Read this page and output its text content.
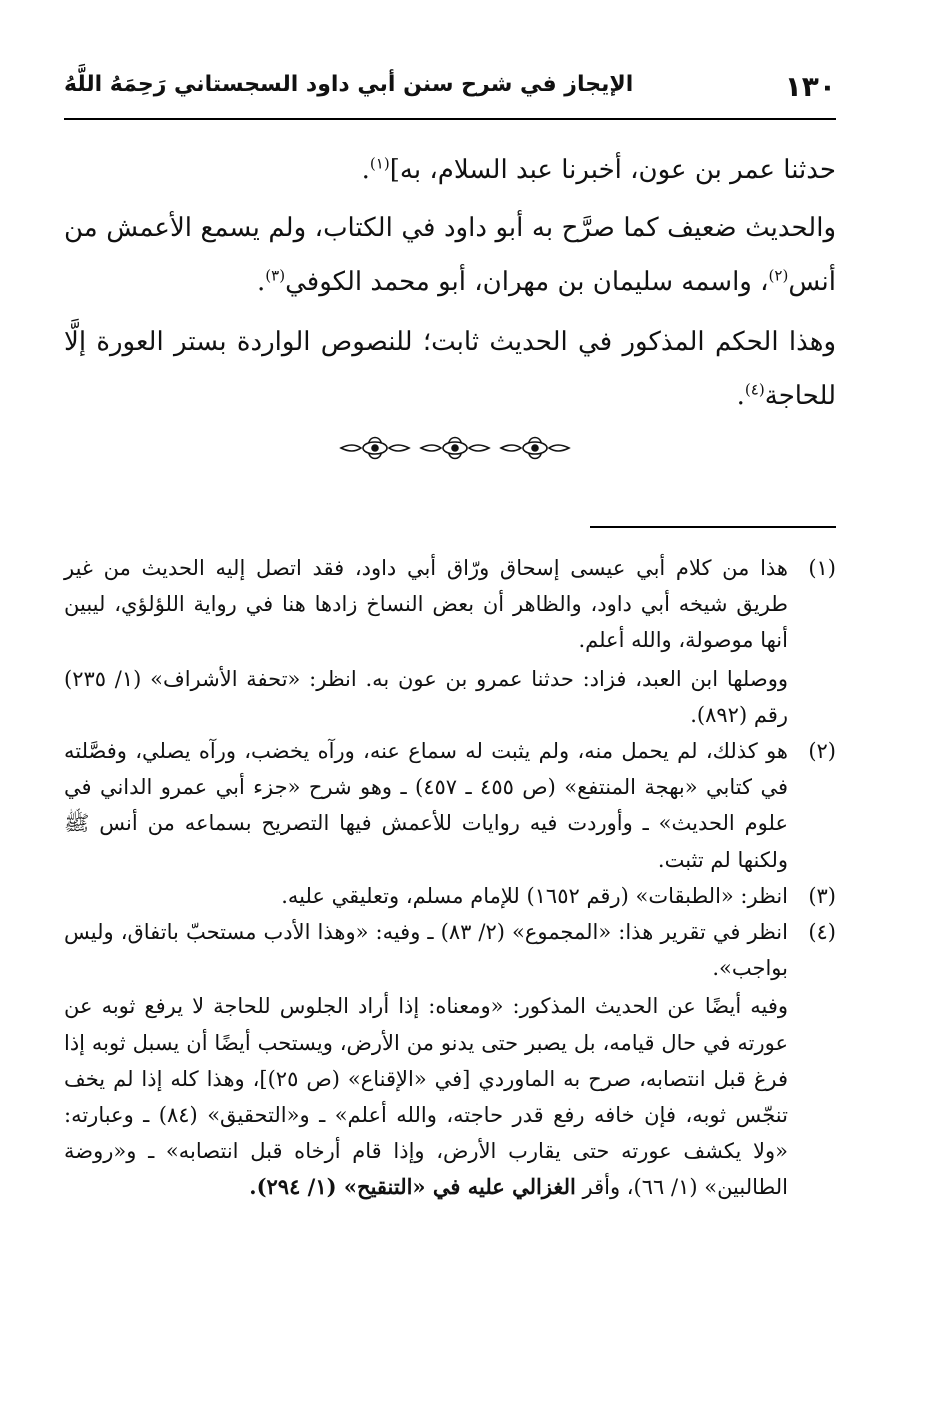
١٣٠
الإيجاز في شرح سنن أبي داود السجستاني رَحِمَهُ اللَّهُ

حدثنا عمر بن عون، أخبرنا عبد السلام، به]$^{(١)}$.

والحديث ضعيف كما صرَّح به أبو داود في الكتاب، ولم يسمع الأعمش من أنس$^{(٢)}$، واسمه سليمان بن مهران، أبو محمد الكوفي$^{(٣)}$.

وهذا الحكم المذكور في الحديث ثابت؛ للنصوص الواردة بستر العورة إلَّا للحاجة$^{(٤)}$.

(١)

هذا من كلام أبي عيسى إسحاق ورّاق أبي داود، فقد اتصل إليه الحديث من غير طريق شيخه أبي داود، والظاهر أن بعض النساخ زادها هنا في رواية اللؤلؤي، ليبين أنها موصولة، والله أعلم.

ووصلها ابن العبد، فزاد: حدثنا عمرو بن عون به. انظر: «تحفة الأشراف» (١/ ٢٣٥) رقم (٨٩٢).

(٢)

هو كذلك، لم يحمل منه، ولم يثبت له سماع عنه، ورآه يخضب، ورآه يصلي، وفصَّلته في كتابي «بهجة المنتفع» (ص ٤٥٥ ـ ٤٥٧) ـ وهو شرح «جزء أبي عمرو الداني في علوم الحديث» ـ وأوردت فيه روايات للأعمش فيها التصريح بسماعه من أنس ﷺ ولكنها لم تثبت.

(٣)

انظر: «الطبقات» (رقم ١٦٥٢) للإمام مسلم، وتعليقي عليه.

(٤)

انظر في تقرير هذا: «المجموع» (٢/ ٨٣) ـ وفيه: «وهذا الأدب مستحبّ باتفاق، وليس بواجب».

وفيه أيضًا عن الحديث المذكور: «ومعناه: إذا أراد الجلوس للحاجة لا يرفع ثوبه عن عورته في حال قيامه، بل يصبر حتى يدنو من الأرض، ويستحب أيضًا أن يسبل ثوبه إذا فرغ قبل انتصابه، صرح به الماوردي [في «الإقناع» (ص ٢٥)]، وهذا كله إذا لم يخف تنجّس ثوبه، فإن خافه رفع قدر حاجته، والله أعلم» ـ و«التحقيق» (٨٤) ـ وعبارته: «ولا يكشف عورته حتى يقارب الأرض، وإذا قام أرخاه قبل انتصابه» ـ و«روضة الطالبين» (١/ ٦٦)، وأقر الغزالي عليه في «التنقيح» (١/ ٢٩٤).
